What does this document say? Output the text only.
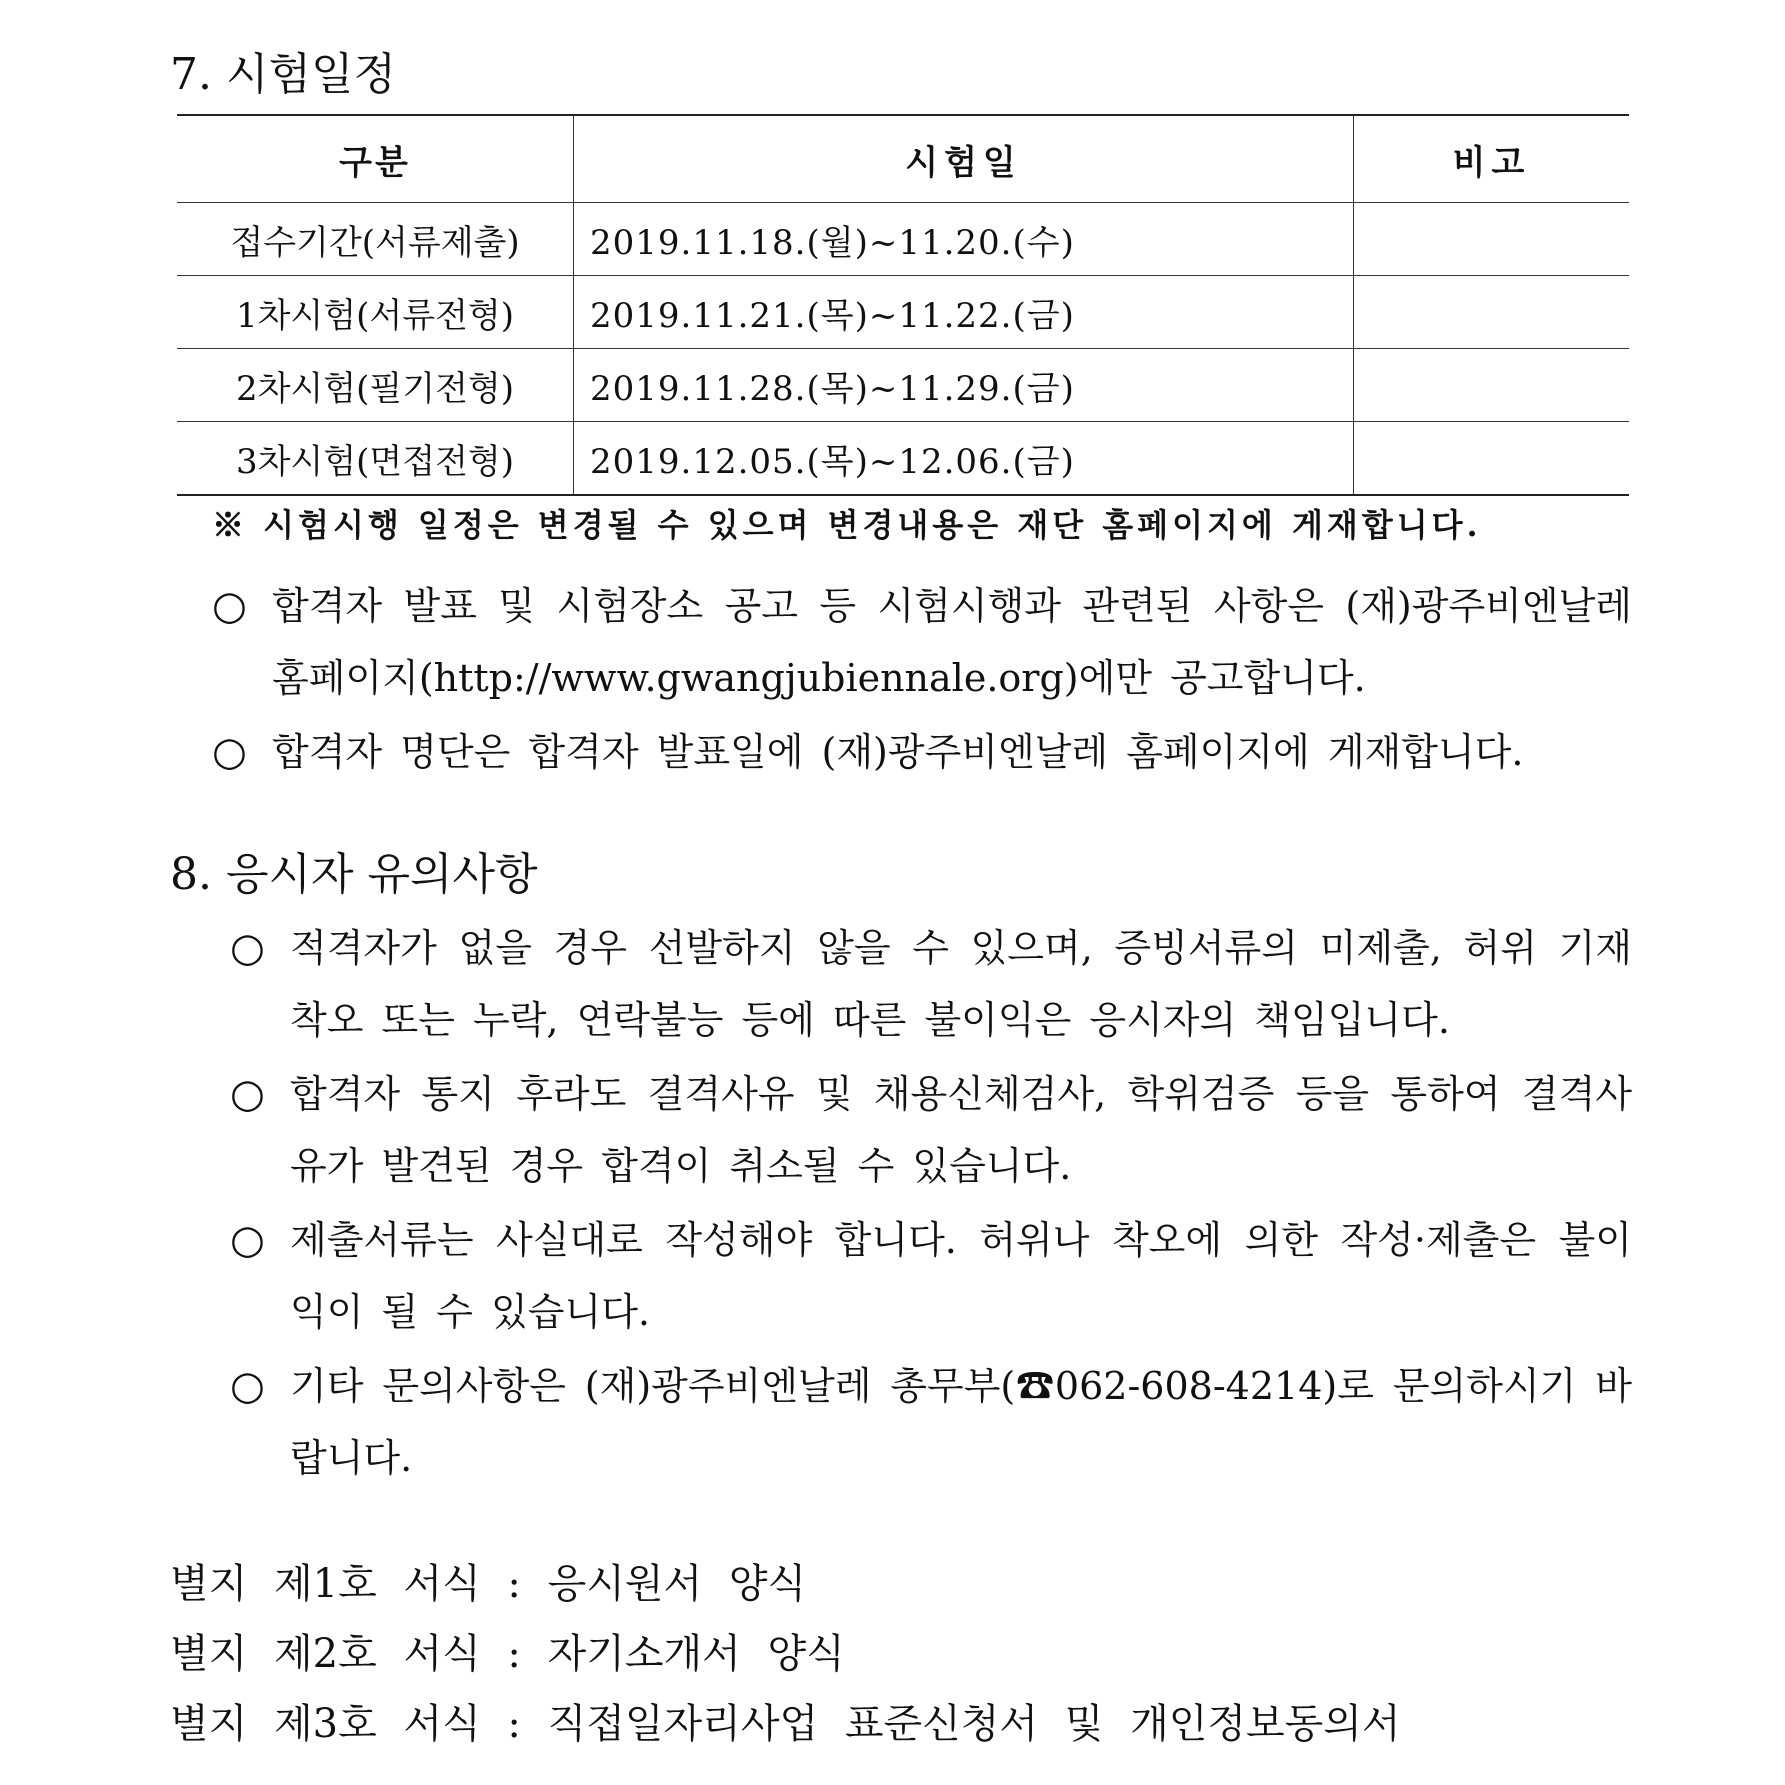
7. 시험일정
구분	시험일	비고
접수기간(서류제출)	2019.11.18.(월)~11.20.(수)	
1차시험(서류전형)	2019.11.21.(목)~11.22.(금)	
2차시험(필기전형)	2019.11.28.(목)~11.29.(금)	
3차시험(면접전형)	2019.12.05.(목)~12.06.(금)	

※ 시험시행 일정은 변경될 수 있으며 변경내용은 재단 홈페이지에 게재합니다.

○ 합격자 발표 및 시험장소 공고 등 시험시행과 관련된 사항은 (재)광주비엔날레 홈페이지(http://www.gwangjubiennale.org)에만 공고합니다.
○ 합격자 명단은 합격자 발표일에 (재)광주비엔날레 홈페이지에 게재합니다.
8. 응시자 유의사항
○ 적격자가 없을 경우 선발하지 않을 수 있으며, 증빙서류의 미제출, 허위 기재착오 또는 누락, 연락불능 등에 따른 불이익은 응시자의 책임입니다.
○ 합격자 통지 후라도 결격사유 및 채용신체검사, 학위검증 등을 통하여 결격사유가 발견된 경우 합격이 취소될 수 있습니다.
○ 제출서류는 사실대로 작성해야 합니다. 허위나 착오에 의한 작성·제출은 불이익이 될 수 있습니다.
○ 기타 문의사항은 (재)광주비엔날레 총무부(☎062-608-4214)로 문의하시기 바랍니다.

별지 제1호 서식 : 응시원서 양식

별지 제2호 서식 : 자기소개서 양식

별지 제3호 서식 : 직접일자리사업 표준신청서 및 개인정보동의서
